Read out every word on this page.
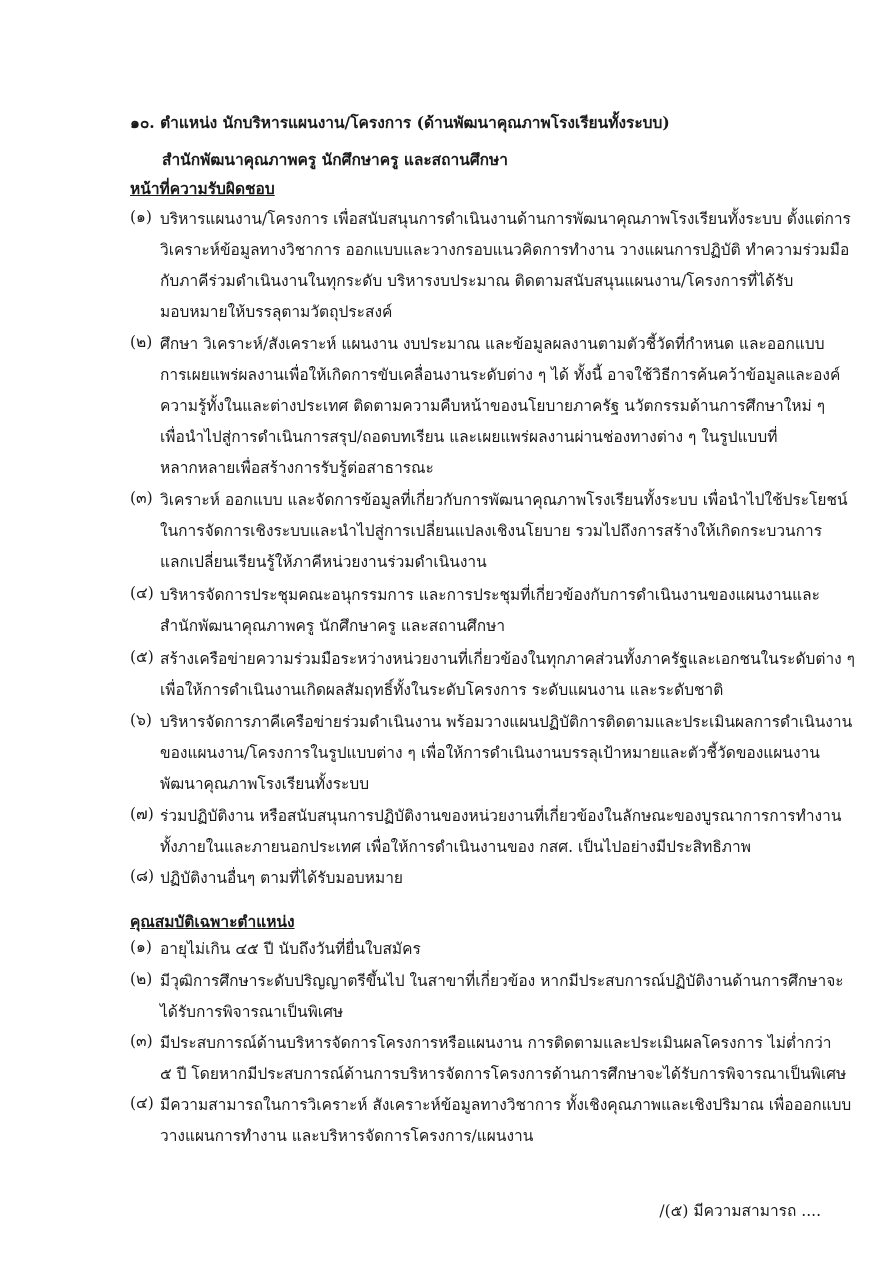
๑๐. ตำแหน่ง นักบริหารแผนงาน/โครงการ (ด้านพัฒนาคุณภาพโรงเรียนทั้งระบบ)
สำนักพัฒนาคุณภาพครู นักศึกษาครู และสถานศึกษา
หน้าที่ความรับผิดชอบ
(๑) บริหารแผนงาน/โครงการ เพื่อสนับสนุนการดำเนินงานด้านการพัฒนาคุณภาพโรงเรียนทั้งระบบ ตั้งแต่การ
วิเคราะห์ข้อมูลทางวิชาการ ออกแบบและวางกรอบแนวคิดการทำงาน วางแผนการปฏิบัติ ทำความร่วมมือ
กับภาคีร่วมดำเนินงานในทุกระดับ บริหารงบประมาณ ติดตามสนับสนุนแผนงาน/โครงการที่ได้รับ
มอบหมายให้บรรลุตามวัตถุประสงค์
(๒) ศึกษา วิเคราะห์/สังเคราะห์ แผนงาน งบประมาณ และข้อมูลผลงานตามตัวชี้วัดที่กำหนด และออกแบบ
การเผยแพร่ผลงานเพื่อให้เกิดการขับเคลื่อนงานระดับต่าง ๆ ได้ ทั้งนี้ อาจใช้วิธีการค้นคว้าข้อมูลและองค์
ความรู้ทั้งในและต่างประเทศ ติดตามความคืบหน้าของนโยบายภาครัฐ นวัตกรรมด้านการศึกษาใหม่ ๆ
เพื่อนำไปสู่การดำเนินการสรุป/ถอดบทเรียน และเผยแพร่ผลงานผ่านช่องทางต่าง ๆ ในรูปแบบที่
หลากหลายเพื่อสร้างการรับรู้ต่อสาธารณะ
(๓) วิเคราะห์ ออกแบบ และจัดการข้อมูลที่เกี่ยวกับการพัฒนาคุณภาพโรงเรียนทั้งระบบ เพื่อนำไปใช้ประโยชน์
ในการจัดการเชิงระบบและนำไปสู่การเปลี่ยนแปลงเชิงนโยบาย รวมไปถึงการสร้างให้เกิดกระบวนการ
แลกเปลี่ยนเรียนรู้ให้ภาคีหน่วยงานร่วมดำเนินงาน
(๔) บริหารจัดการประชุมคณะอนุกรรมการ และการประชุมที่เกี่ยวข้องกับการดำเนินงานของแผนงานและ
สำนักพัฒนาคุณภาพครู นักศึกษาครู และสถานศึกษา
(๕) สร้างเครือข่ายความร่วมมือระหว่างหน่วยงานที่เกี่ยวข้องในทุกภาคส่วนทั้งภาครัฐและเอกชนในระดับต่าง ๆ
เพื่อให้การดำเนินงานเกิดผลสัมฤทธิ์ทั้งในระดับโครงการ ระดับแผนงาน และระดับชาติ
(๖) บริหารจัดการภาคีเครือข่ายร่วมดำเนินงาน พร้อมวางแผนปฏิบัติการติดตามและประเมินผลการดำเนินงาน
ของแผนงาน/โครงการในรูปแบบต่าง ๆ เพื่อให้การดำเนินงานบรรลุเป้าหมายและตัวชี้วัดของแผนงาน
พัฒนาคุณภาพโรงเรียนทั้งระบบ
(๗) ร่วมปฏิบัติงาน หรือสนับสนุนการปฏิบัติงานของหน่วยงานที่เกี่ยวข้องในลักษณะของบูรณาการการทำงาน
ทั้งภายในและภายนอกประเทศ เพื่อให้การดำเนินงานของ กสศ. เป็นไปอย่างมีประสิทธิภาพ
(๘) ปฏิบัติงานอื่นๆ ตามที่ได้รับมอบหมาย
คุณสมบัติเฉพาะตำแหน่ง
(๑) อายุไม่เกิน ๔๕ ปี นับถึงวันที่ยื่นใบสมัคร
(๒) มีวุฒิการศึกษาระดับปริญญาตรีขึ้นไป ในสาขาที่เกี่ยวข้อง หากมีประสบการณ์ปฏิบัติงานด้านการศึกษาจะ
ได้รับการพิจารณาเป็นพิเศษ
(๓) มีประสบการณ์ด้านบริหารจัดการโครงการหรือแผนงาน การติดตามและประเมินผลโครงการ ไม่ต่ำกว่า
๕ ปี โดยหากมีประสบการณ์ด้านการบริหารจัดการโครงการด้านการศึกษาจะได้รับการพิจารณาเป็นพิเศษ
(๔) มีความสามารถในการวิเคราะห์ สังเคราะห์ข้อมูลทางวิชาการ ทั้งเชิงคุณภาพและเชิงปริมาณ เพื่อออกแบบ
วางแผนการทำงาน และบริหารจัดการโครงการ/แผนงาน
/(๕) มีความสามารถ ....
